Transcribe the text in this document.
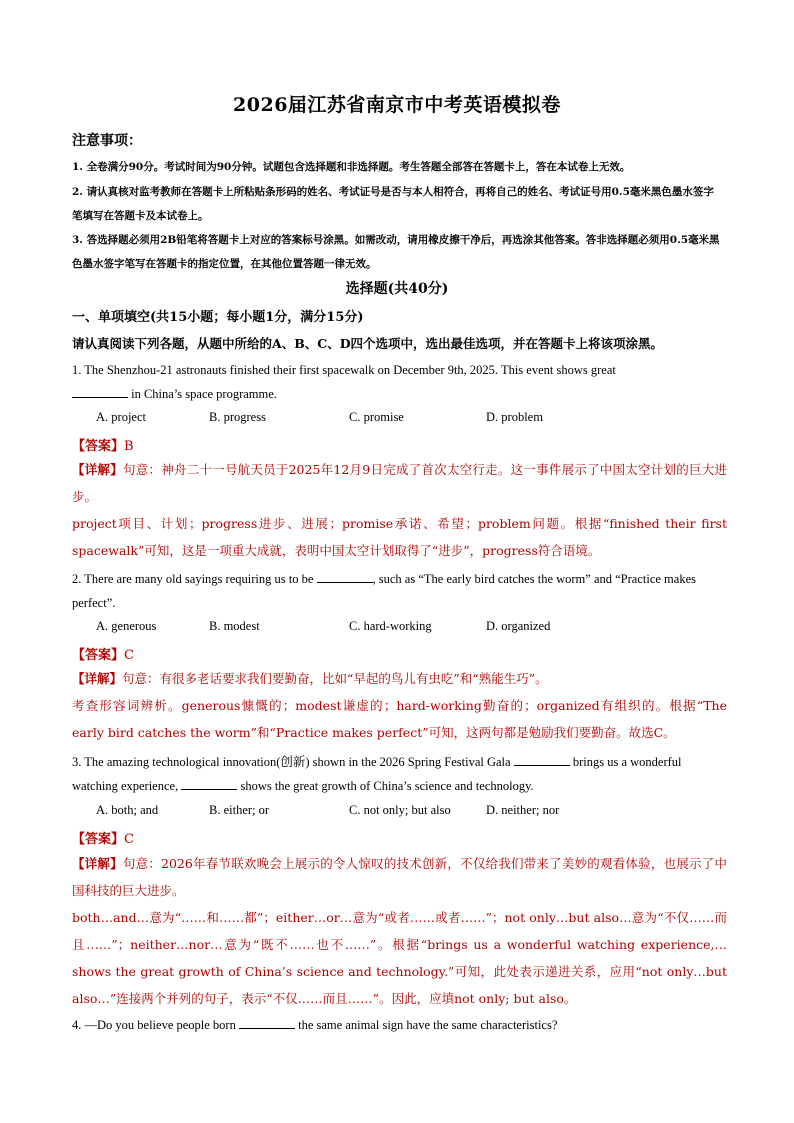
2026届江苏省南京市中考英语模拟卷
注意事项：
1. 全卷满分90分。考试时间为90分钟。试题包含选择题和非选择题。考生答题全部答在答题卡上，答在本试卷上无效。
2. 请认真核对监考教师在答题卡上所粘贴条形码的姓名、考试证号是否与本人相符合，再将自己的姓名、考试证号用0.5毫米黑色墨水签字笔填写在答题卡及本试卷上。
3. 答选择题必须用2B铅笔将答题卡上对应的答案标号涂黑。如需改动，请用橡皮擦干净后，再选涂其他答案。答非选择题必须用0.5毫米黑色墨水签字笔写在答题卡的指定位置，在其他位置答题一律无效。
选择题(共40分)
一、单项填空(共15小题；每小题1分，满分15分)
请认真阅读下列各题，从题中所给的A、B、C、D四个选项中，选出最佳选项，并在答题卡上将该项涂黑。
1. The Shenzhou-21 astronauts finished their first spacewalk on December 9th, 2025. This event shows great
in China’s space programme.
A. project	B. progress	C. promise	D. problem
【答案】B
【详解】句意：神舟二十一号航天员于2025年12月9日完成了首次太空行走。这一事件展示了中国太空计划的巨大进步。
project项目、计划；progress进步、进展；promise承诺、希望；problem问题。根据“finished their first spacewalk”可知，这是一项重大成就，表明中国太空计划取得了“进步”，progress符合语境。
2. There are many old sayings requiring us to be	, such as “The early bird catches the worm” and “Practice makes perfect”.
A. generous	B. modest	C. hard-working	D. organized
【答案】C
【详解】句意：有很多老话要求我们要勤奋，比如“早起的鸟儿有虫吃”和“熟能生巧”。
考查形容词辨析。generous慷慨的；modest谦虚的；hard-working勤奋的；organized有组织的。根据“The early bird catches the worm”和“Practice makes perfect”可知，这两句都是勉励我们要勤奋。故选C。
3. The amazing technological innovation(创新) shown in the 2026 Spring Festival Gala	brings us a wonderful watching experience,	shows the great growth of China’s science and technology.
A. both; and	B. either; or	C. not only; but also	D. neither; nor
【答案】C
【详解】句意：2026年春节联欢晚会上展示的令人惊叹的技术创新，不仅给我们带来了美妙的观看体验，也展示了中国科技的巨大进步。
both…and…意为“……和……都”；either…or…意为“或者……或者……”；not only…but also…意为“不仅……而且……”；neither…nor…意为“既不……也不……”。根据“brings us a wonderful watching experience,… shows the great growth of China’s science and technology.”可知，此处表示递进关系，应用“not only…but also…”连接两个并列的句子，表示“不仅……而且……”。因此，应填not only; but also。
4. —Do you believe people born	the same animal sign have the same characteristics?
